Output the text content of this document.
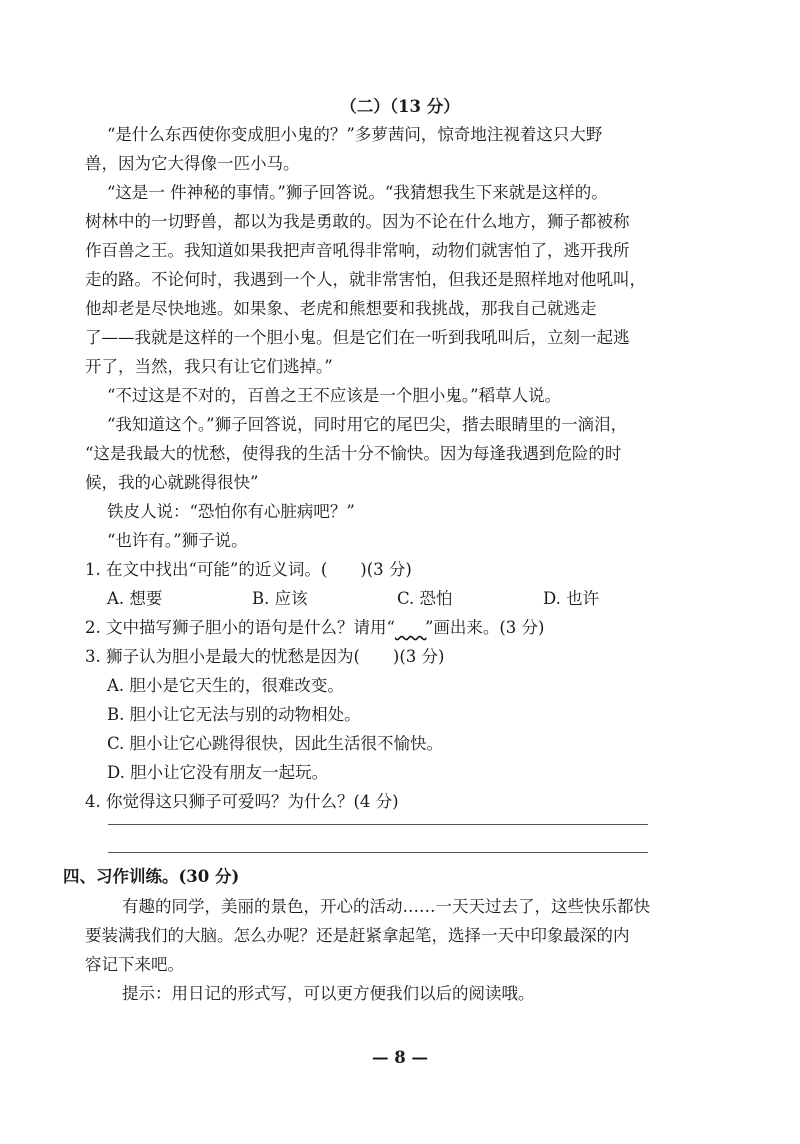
（二）（13 分）
“是什么东西使你变成胆小鬼的？”多萝茜问，惊奇地注视着这只大野
兽，因为它大得像一匹小马。
“这是一 件神秘的事情。”狮子回答说。“我猜想我生下来就是这样的。
树林中的一切野兽，都以为我是勇敢的。因为不论在什么地方，狮子都被称
作百兽之王。我知道如果我把声音吼得非常响，动物们就害怕了，逃开我所
走的路。不论何时，我遇到一个人，就非常害怕，但我还是照样地对他吼叫，
他却老是尽快地逃。如果象、老虎和熊想要和我挑战，那我自己就逃走
了——我就是这样的一个胆小鬼。但是它们在一听到我吼叫后，立刻一起逃
开了，当然，我只有让它们逃掉。”
“不过这是不对的，百兽之王不应该是一个胆小鬼。”稻草人说。
“我知道这个。”狮子回答说，同时用它的尾巴尖，揩去眼睛里的一滴泪，
“这是我最大的忧愁，使得我的生活十分不愉快。因为每逢我遇到危险的时
候，我的心就跳得很快”
铁皮人说：“恐怕你有心脏病吧？”
“也许有。”狮子说。
1. 在文中找出“可能”的近义词。(　　)(3 分)
A. 想要	B. 应该	C. 恐怕	D. 也许
2. 文中描写狮子胆小的语句是什么？请用“ ”画出来。(3 分)
3. 狮子认为胆小是最大的忧愁是因为(　　)(3 分)
A. 胆小是它天生的，很难改变。
B. 胆小让它无法与别的动物相处。
C. 胆小让它心跳得很快，因此生活很不愉快。
D. 胆小让它没有朋友一起玩。
4. 你觉得这只狮子可爱吗？为什么？(4 分)
四、习作训练。(30 分)
有趣的同学，美丽的景色，开心的活动……一天天过去了，这些快乐都快
要装满我们的大脑。怎么办呢？还是赶紧拿起笔，选择一天中印象最深的内
容记下来吧。
提示：用日记的形式写，可以更方便我们以后的阅读哦。
— 8 —
